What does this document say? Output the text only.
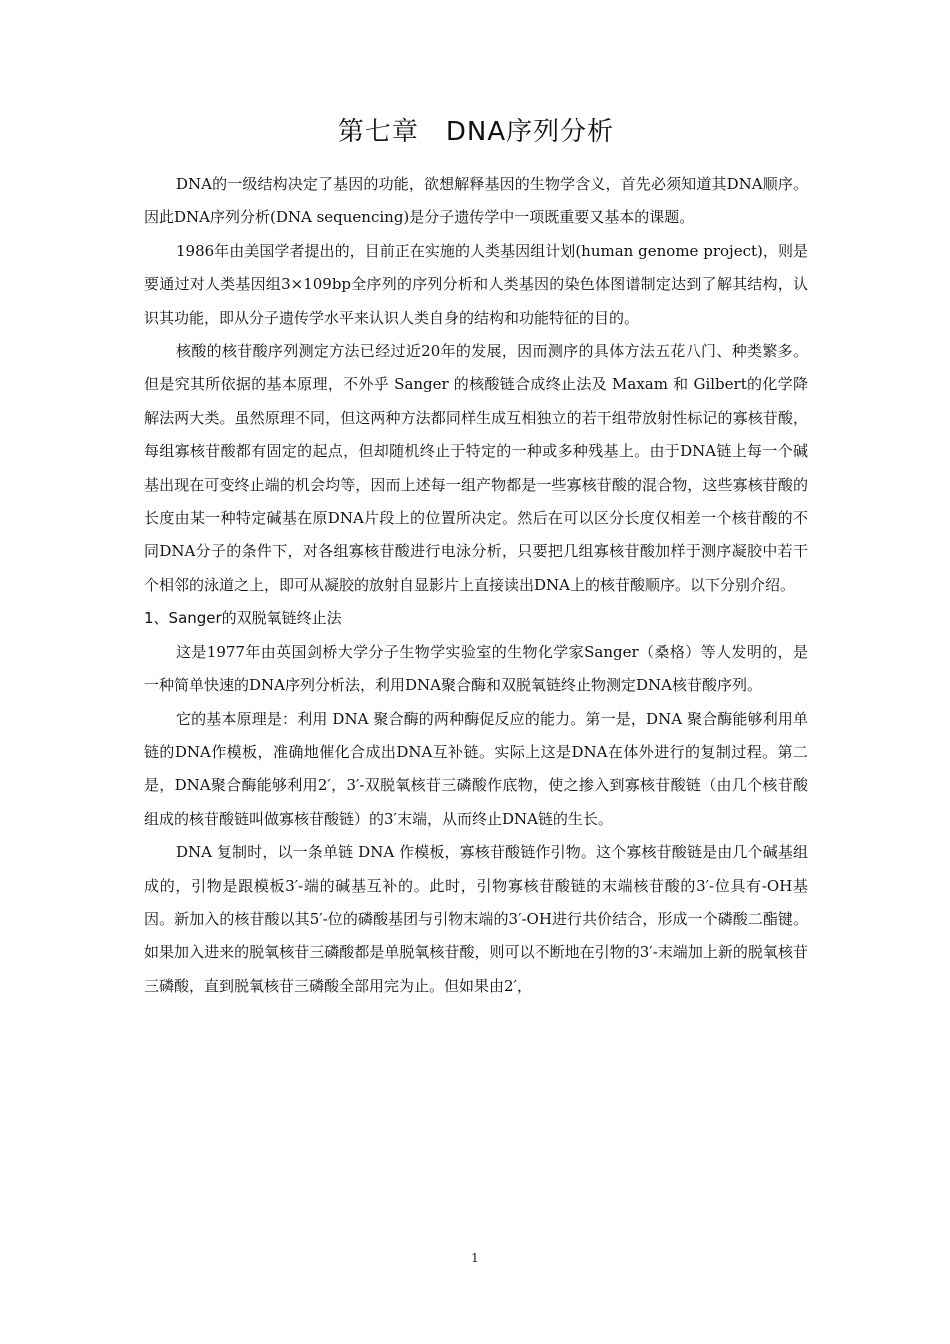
第七章　DNA序列分析

DNA的一级结构决定了基因的功能，欲想解释基因的生物学含义，首先必须知道其DNA顺序。因此DNA序列分析(DNA sequencing)是分子遗传学中一项既重要又基本的课题。

1986年由美国学者提出的，目前正在实施的人类基因组计划(human genome project)，则是要通过对人类基因组3×109bp全序列的序列分析和人类基因的染色体图谱制定达到了解其结构，认识其功能，即从分子遗传学水平来认识人类自身的结构和功能特征的目的。

核酸的核苷酸序列测定方法已经过近20年的发展，因而测序的具体方法五花八门、种类繁多。但是究其所依据的基本原理，不外乎 Sanger 的核酸链合成终止法及 Maxam 和 Gilbert的化学降解法两大类。虽然原理不同，但这两种方法都同样生成互相独立的若干组带放射性标记的寡核苷酸，每组寡核苷酸都有固定的起点，但却随机终止于特定的一种或多种残基上。由于DNA链上每一个碱基出现在可变终止端的机会均等，因而上述每一组产物都是一些寡核苷酸的混合物，这些寡核苷酸的长度由某一种特定碱基在原DNA片段上的位置所决定。然后在可以区分长度仅相差一个核苷酸的不同DNA分子的条件下，对各组寡核苷酸进行电泳分析，只要把几组寡核苷酸加样于测序凝胶中若干个相邻的泳道之上，即可从凝胶的放射自显影片上直接读出DNA上的核苷酸顺序。以下分别介绍。

1、Sanger的双脱氧链终止法

这是1977年由英国剑桥大学分子生物学实验室的生物化学家Sanger（桑格）等人发明的，是一种简单快速的DNA序列分析法，利用DNA聚合酶和双脱氧链终止物测定DNA核苷酸序列。

它的基本原理是：利用 DNA 聚合酶的两种酶促反应的能力。第一是，DNA 聚合酶能够利用单链的DNA作模板，准确地催化合成出DNA互补链。实际上这是DNA在体外进行的复制过程。第二是，DNA聚合酶能够利用2′，3′-双脱氧核苷三磷酸作底物，使之掺入到寡核苷酸链（由几个核苷酸组成的核苷酸链叫做寡核苷酸链）的3′末端，从而终止DNA链的生长。

DNA 复制时，以一条单链 DNA 作模板，寡核苷酸链作引物。这个寡核苷酸链是由几个碱基组成的，引物是跟模板3′-端的碱基互补的。此时，引物寡核苷酸链的末端核苷酸的3′-位具有-OH基因。新加入的核苷酸以其5′-位的磷酸基团与引物末端的3′-OH进行共价结合，形成一个磷酸二酯键。如果加入进来的脱氧核苷三磷酸都是单脱氧核苷酸，则可以不断地在引物的3′-末端加上新的脱氧核苷三磷酸，直到脱氧核苷三磷酸全部用完为止。但如果由2′，

1
